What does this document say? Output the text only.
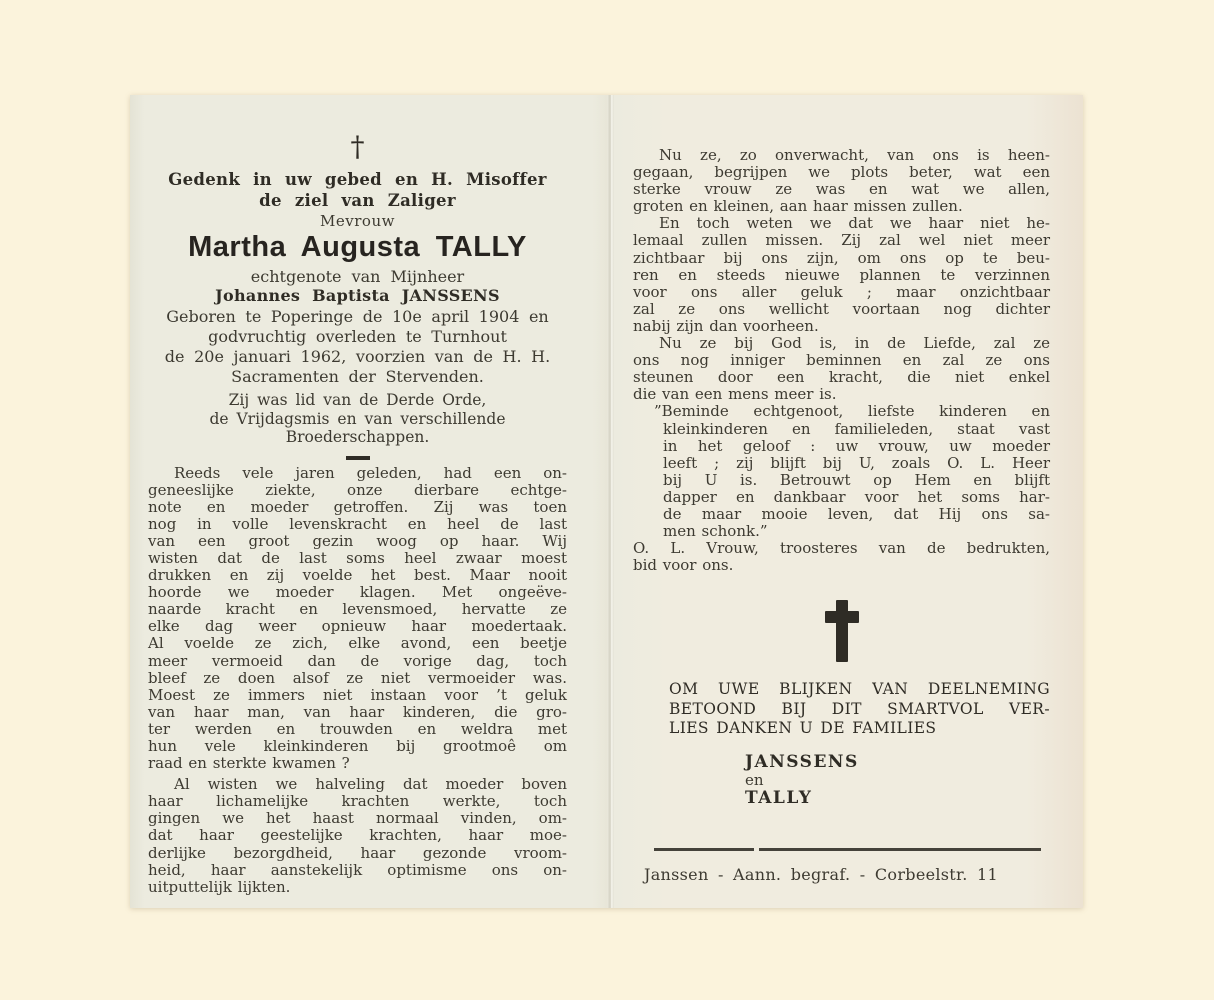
†
Gedenk in uw gebed en H. Misoffer
de ziel van Zaliger
Mevrouw
Martha Augusta TALLY
echtgenote van Mijnheer
Johannes Baptista JANSSENS
Geboren te Poperinge de 10e april 1904 en
godvruchtig overleden te Turnhout
de 20e januari 1962, voorzien van de H. H.
Sacramenten der Stervenden.
Zij was lid van de Derde Orde,
de Vrijdagsmis en van verschillende
Broederschappen.
Reeds vele jaren geleden, had een on-
geneeslijke ziekte, onze dierbare echtge-
note en moeder getroffen. Zij was toen
nog in volle levenskracht en heel de last
van een groot gezin woog op haar. Wij
wisten dat de last soms heel zwaar moest
drukken en zij voelde het best. Maar nooit
hoorde we moeder klagen. Met ongeëve-
naarde kracht en levensmoed, hervatte ze
elke dag weer opnieuw haar moedertaak.
Al voelde ze zich, elke avond, een beetje
meer vermoeid dan de vorige dag, toch
bleef ze doen alsof ze niet vermoeider was.
Moest ze immers niet instaan voor ’t geluk
van haar man, van haar kinderen, die gro-
ter werden en trouwden en weldra met
hun vele kleinkinderen bij grootmoê om
raad en sterkte kwamen ?
Al wisten we halveling dat moeder boven
haar lichamelijke krachten werkte, toch
gingen we het haast normaal vinden, om-
dat haar geestelijke krachten, haar moe-
derlijke bezorgdheid, haar gezonde vroom-
heid, haar aanstekelijk optimisme ons on-
uitputtelijk lijkten.
Nu ze, zo onverwacht, van ons is heen-
gegaan, begrijpen we plots beter, wat een
sterke vrouw ze was en wat we allen,
groten en kleinen, aan haar missen zullen.
En toch weten we dat we haar niet he-
lemaal zullen missen. Zij zal wel niet meer
zichtbaar bij ons zijn, om ons op te beu-
ren en steeds nieuwe plannen te verzinnen
voor ons aller geluk ; maar onzichtbaar
zal ze ons wellicht voortaan nog dichter
nabij zijn dan voorheen.
Nu ze bij God is, in de Liefde, zal ze
ons nog inniger beminnen en zal ze ons
steunen door een kracht, die niet enkel
die van een mens meer is.
”Beminde echtgenoot, liefste kinderen en
kleinkinderen en familieleden, staat vast
in het geloof : uw vrouw, uw moeder
leeft ; zij blijft bij U, zoals O. L. Heer
bij U is. Betrouwt op Hem en blijft
dapper en dankbaar voor het soms har-
de maar mooie leven, dat Hij ons sa-
men schonk.”
O. L. Vrouw, troosteres van de bedrukten,
bid voor ons.
OM UWE BLIJKEN VAN DEELNEMING
BETOOND BIJ DIT SMARTVOL VER-
LIES DANKEN U DE FAMILIES
JANSSENS
en
TALLY
Janssen - Aann. begraf. - Corbeelstr. 11
